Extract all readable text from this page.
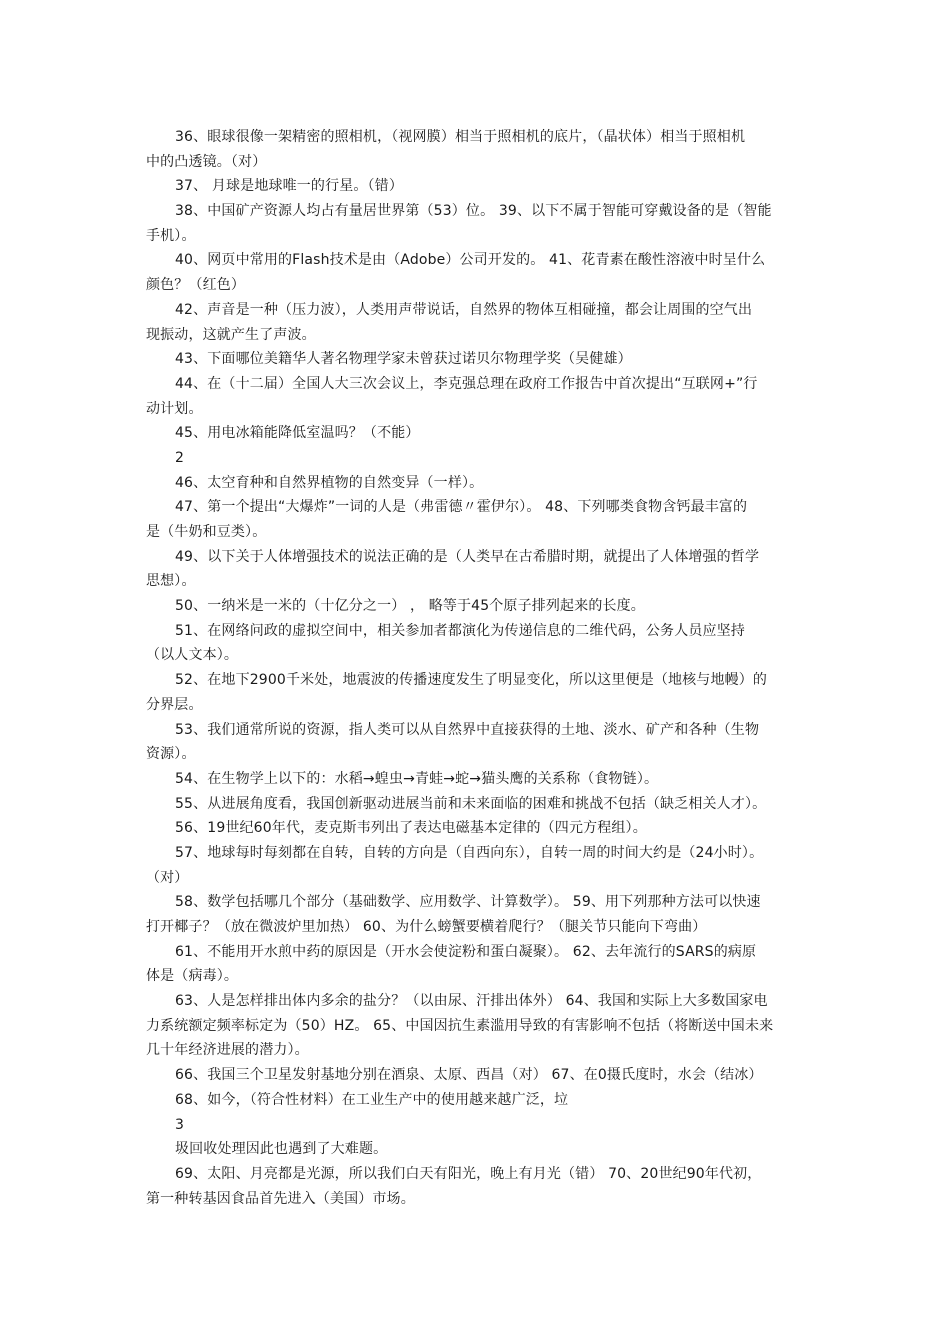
36、眼球很像一架精密的照相机，（视网膜）相当于照相机的底片，（晶状体）相当于照相机
中的凸透镜。（对）
37、 月球是地球唯一的行星。（错）
38、中国矿产资源人均占有量居世界第（53）位。 39、以下不属于智能可穿戴设备的是（智能
手机）。
40、网页中常用的Flash技术是由（Adobe）公司开发的。 41、花青素在酸性溶液中时呈什么
颜色？（红色）
42、声音是一种（压力波），人类用声带说话，自然界的物体互相碰撞，都会让周围的空气出
现振动，这就产生了声波。
43、下面哪位美籍华人著名物理学家未曾获过诺贝尔物理学奖（吴健雄）
44、在（十二届）全国人大三次会议上，李克强总理在政府工作报告中首次提出“互联网+”行
动计划。
45、用电冰箱能降低室温吗？（不能）
2
46、太空育种和自然界植物的自然变异（一样）。
47、第一个提出“大爆炸”一词的人是（弗雷德〃霍伊尔）。 48、下列哪类食物含钙最丰富的
是（牛奶和豆类）。
49、以下关于人体增强技术的说法正确的是（人类早在古希腊时期，就提出了人体增强的哲学
思想）。
50、一纳米是一米的（十亿分之一） ， 略等于45个原子排列起来的长度。
51、在网络问政的虚拟空间中，相关参加者都演化为传递信息的二维代码，公务人员应坚持
（以人文本）。
52、在地下2900千米处，地震波的传播速度发生了明显变化，所以这里便是（地核与地幔）的
分界层。
53、我们通常所说的资源，指人类可以从自然界中直接获得的土地、淡水、矿产和各种（生物
资源）。
54、在生物学上以下的：水稻→蝗虫→青蛙→蛇→猫头鹰的关系称（食物链）。
55、从进展角度看，我国创新驱动进展当前和未来面临的困难和挑战不包括（缺乏相关人才）。
56、19世纪60年代，麦克斯韦列出了表达电磁基本定律的（四元方程组）。
57、地球每时每刻都在自转，自转的方向是（自西向东），自转一周的时间大约是（24小时）。
（对）
58、数学包括哪几个部分（基础数学、应用数学、计算数学）。 59、用下列那种方法可以快速
打开椰子？（放在微波炉里加热） 60、为什么螃蟹要横着爬行？（腿关节只能向下弯曲）
61、不能用开水煎中药的原因是（开水会使淀粉和蛋白凝聚）。 62、去年流行的SARS的病原
体是（病毒）。
63、人是怎样排出体内多余的盐分？（以由尿、汗排出体外） 64、我国和实际上大多数国家电
力系统额定频率标定为（50）HZ。 65、中国因抗生素滥用导致的有害影响不包括（将断送中国未来
几十年经济进展的潜力）。
66、我国三个卫星发射基地分别在酒泉、太原、西昌（对） 67、在0摄氏度时，水会（结冰）
68、如今，（符合性材料）在工业生产中的使用越来越广泛，垃
3
圾回收处理因此也遇到了大难题。
69、太阳、月亮都是光源，所以我们白天有阳光，晚上有月光（错） 70、20世纪90年代初，
第一种转基因食品首先进入（美国）市场。
